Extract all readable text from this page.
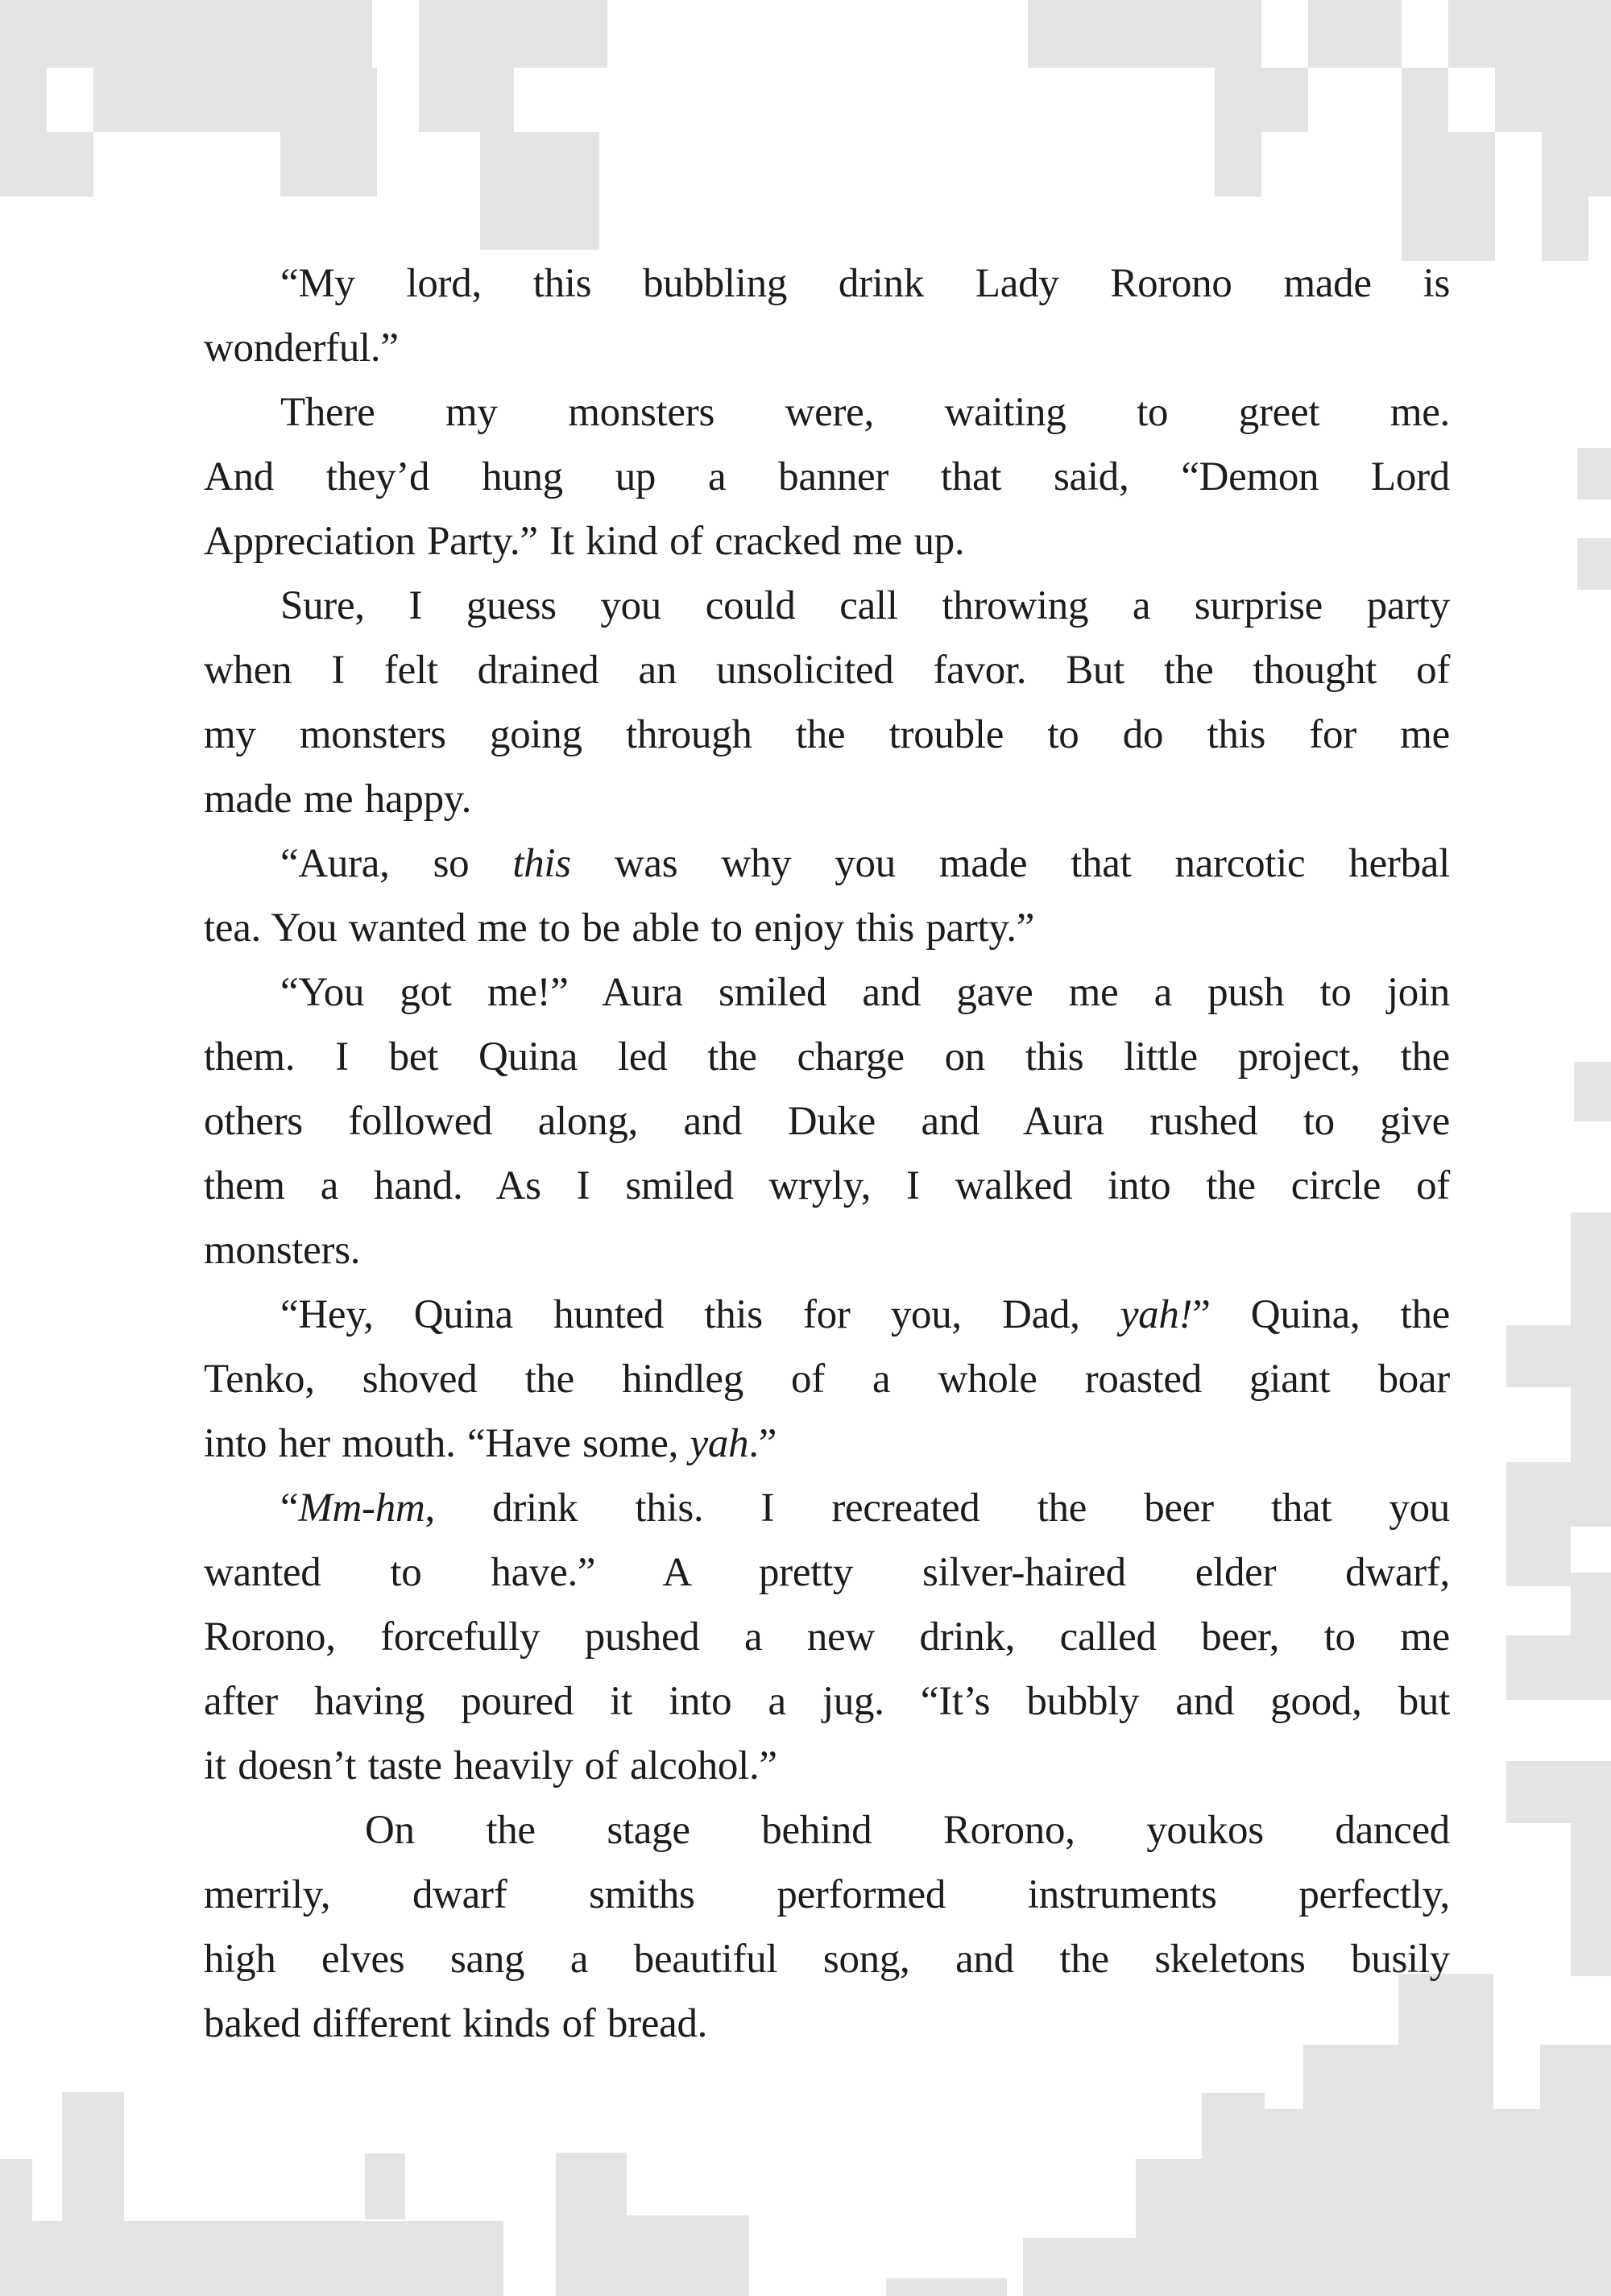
“My lord, this bubbling drink Lady Rorono made is
wonderful.”
There my monsters were, waiting to greet me.
And they’d hung up a banner that said, “Demon Lord
Appreciation Party.” It kind of cracked me up.
Sure, I guess you could call throwing a surprise party
when I felt drained an unsolicited favor. But the thought of
my monsters going through the trouble to do this for me
made me happy.
“Aura, so this was why you made that narcotic herbal
tea. You wanted me to be able to enjoy this party.”
“You got me!” Aura smiled and gave me a push to join
them. I bet Quina led the charge on this little project, the
others followed along, and Duke and Aura rushed to give
them a hand. As I smiled wryly, I walked into the circle of
monsters.
“Hey, Quina hunted this for you, Dad, yah!” Quina, the
Tenko, shoved the hindleg of a whole roasted giant boar
into her mouth. “Have some, yah.”
“Mm-hm, drink this. I recreated the beer that you
wanted to have.” A pretty silver-haired elder dwarf,
Rorono, forcefully pushed a new drink, called beer, to me
after having poured it into a jug. “It’s bubbly and good, but
it doesn’t taste heavily of alcohol.”
On the stage behind Rorono, youkos danced
merrily, dwarf smiths performed instruments perfectly,
high elves sang a beautiful song, and the skeletons busily
baked different kinds of bread.
